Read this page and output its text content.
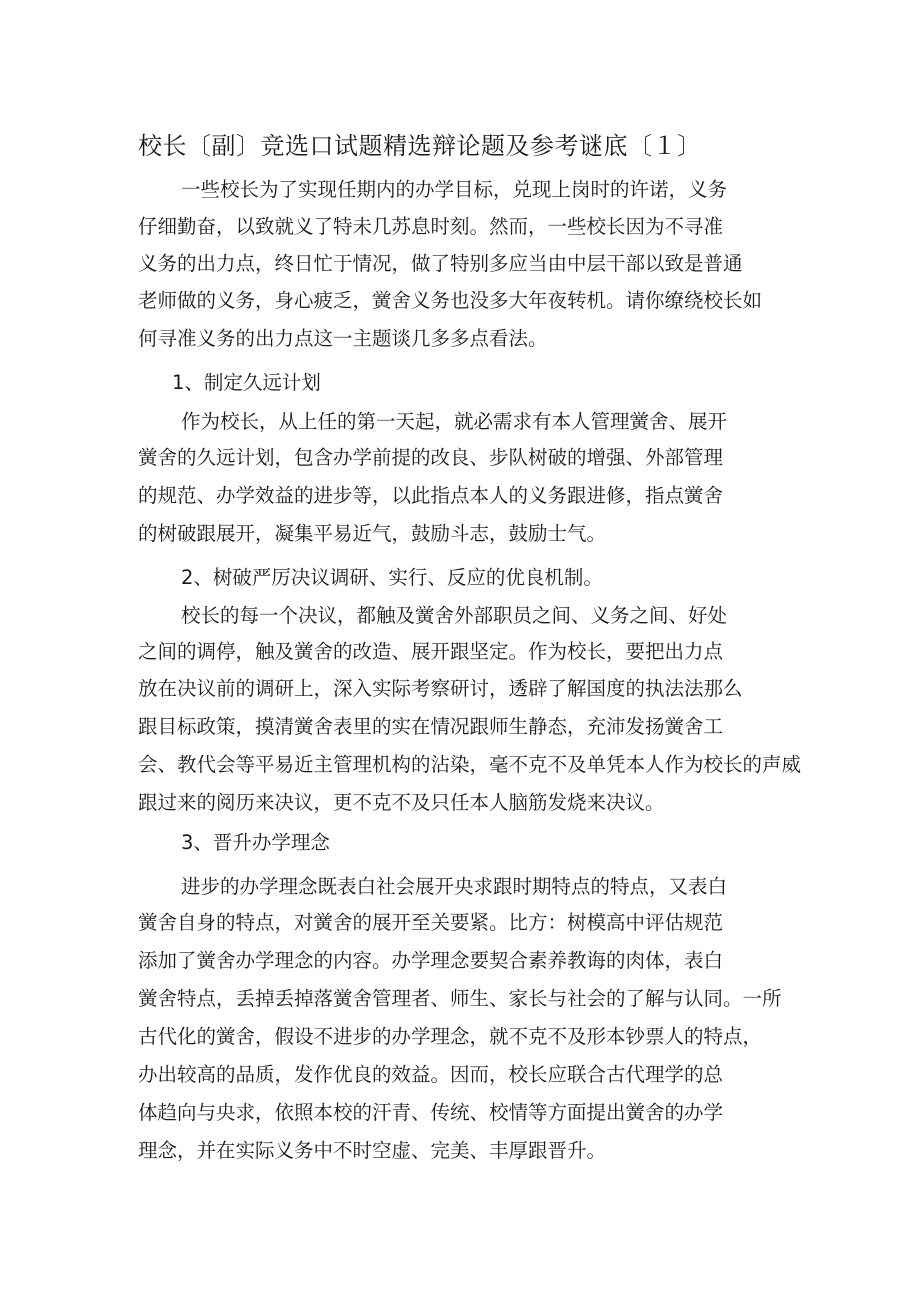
校长〔副〕竞选口试题精选辩论题及参考谜底〔１〕
一些校长为了实现任期内的办学目标，兑现上岗时的许诺，义务
仔细勤奋，以致就义了特未几苏息时刻。然而，一些校长因为不寻准
义务的出力点，终日忙于情况，做了特别多应当由中层干部以致是普通
老师做的义务，身心疲乏，黉舍义务也没多大年夜转机。请你缭绕校长如
何寻准义务的出力点这一主题谈几多多点看法。
1、制定久远计划
作为校长，从上任的第一天起，就必需求有本人管理黉舍、展开
黉舍的久远计划，包含办学前提的改良、步队树破的增强、外部管理
的规范、办学效益的进步等，以此指点本人的义务跟进修，指点黉舍
的树破跟展开，凝集平易近气，鼓励斗志，鼓励士气。
2、树破严厉决议调研、实行、反应的优良机制。
校长的每一个决议，都触及黉舍外部职员之间、义务之间、好处
之间的调停，触及黉舍的改造、展开跟坚定。作为校长，要把出力点
放在决议前的调研上，深入实际考察研讨，透辟了解国度的执法法那么
跟目标政策，摸清黉舍表里的实在情况跟师生静态，充沛发扬黉舍工
会、教代会等平易近主管理机构的沾染，毫不克不及单凭本人作为校长的声威
跟过来的阅历来决议，更不克不及只任本人脑筋发烧来决议。
3、晋升办学理念
进步的办学理念既表白社会展开央求跟时期特点的特点，又表白
黉舍自身的特点，对黉舍的展开至关要紧。比方：树模高中评估规范
添加了黉舍办学理念的内容。办学理念要契合素养教诲的肉体，表白
黉舍特点，丢掉丢掉落黉舍管理者、师生、家长与社会的了解与认同。一所
古代化的黉舍，假设不进步的办学理念，就不克不及形本钞票人的特点，
办出较高的品质，发作优良的效益。因而，校长应联合古代理学的总
体趋向与央求，依照本校的汗青、传统、校情等方面提出黉舍的办学
理念，并在实际义务中不时空虚、完美、丰厚跟晋升。
